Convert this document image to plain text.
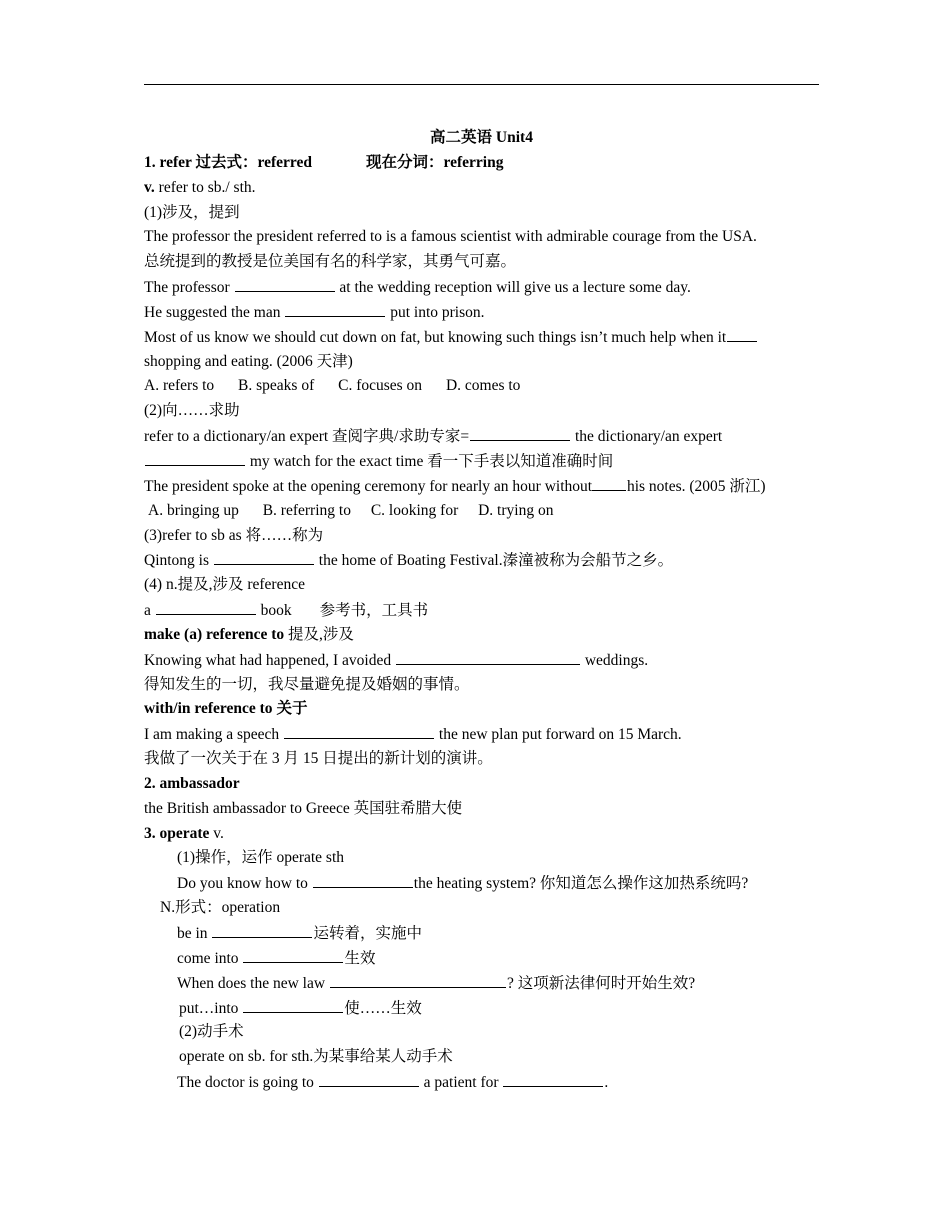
高二英语 Unit4
1. refer 过去式：referred	现在分词：referring
v. refer to sb./ sth.
(1)涉及，提到
The professor the president referred to is a famous scientist with admirable courage from the USA.
总统提到的教授是位美国有名的科学家，其勇气可嘉。
The professor	at the wedding reception will give us a lecture some day.
He suggested the man	put into prison.
Most of us know we should cut down on fat, but knowing such things isn’t much help when it
shopping and eating. (2006 天津)
A. refers to B. speaks of C. focuses on D. comes to
(2)向……求助
refer to a dictionary/an expert 查阅字典/求助专家=	the dictionary/an expert
my watch for the exact time 看一下手表以知道准确时间
The president spoke at the opening ceremony for nearly an hour without his notes. (2005 浙江)
A. bringing up B. referring to C. looking for D. trying on
(3)refer to sb as 将……称为
Qintong is	the home of Boating Festival.溱潼被称为会船节之乡。
(4) n.提及,涉及 reference
a	book 参考书，工具书
make (a) reference to 提及,涉及
Knowing what had happened, I avoided	weddings.
得知发生的一切，我尽量避免提及婚姻的事情。
with/in reference to 关于
I am making a speech	the new plan put forward on 15 March.
我做了一次关于在 3 月 15 日提出的新计划的演讲。
2. ambassador
the British ambassador to Greece 英国驻希腊大使
3. operate v.
(1)操作，运作 operate sth
Do you know how to	the heating system? 你知道怎么操作这加热系统吗?
N.形式：operation
be in	运转着，实施中
come into	生效
When does the new law	? 这项新法律何时开始生效?
put…into	使……生效
(2)动手术
operate on sb. for sth.为某事给某人动手术
The doctor is going to	a patient for	.
